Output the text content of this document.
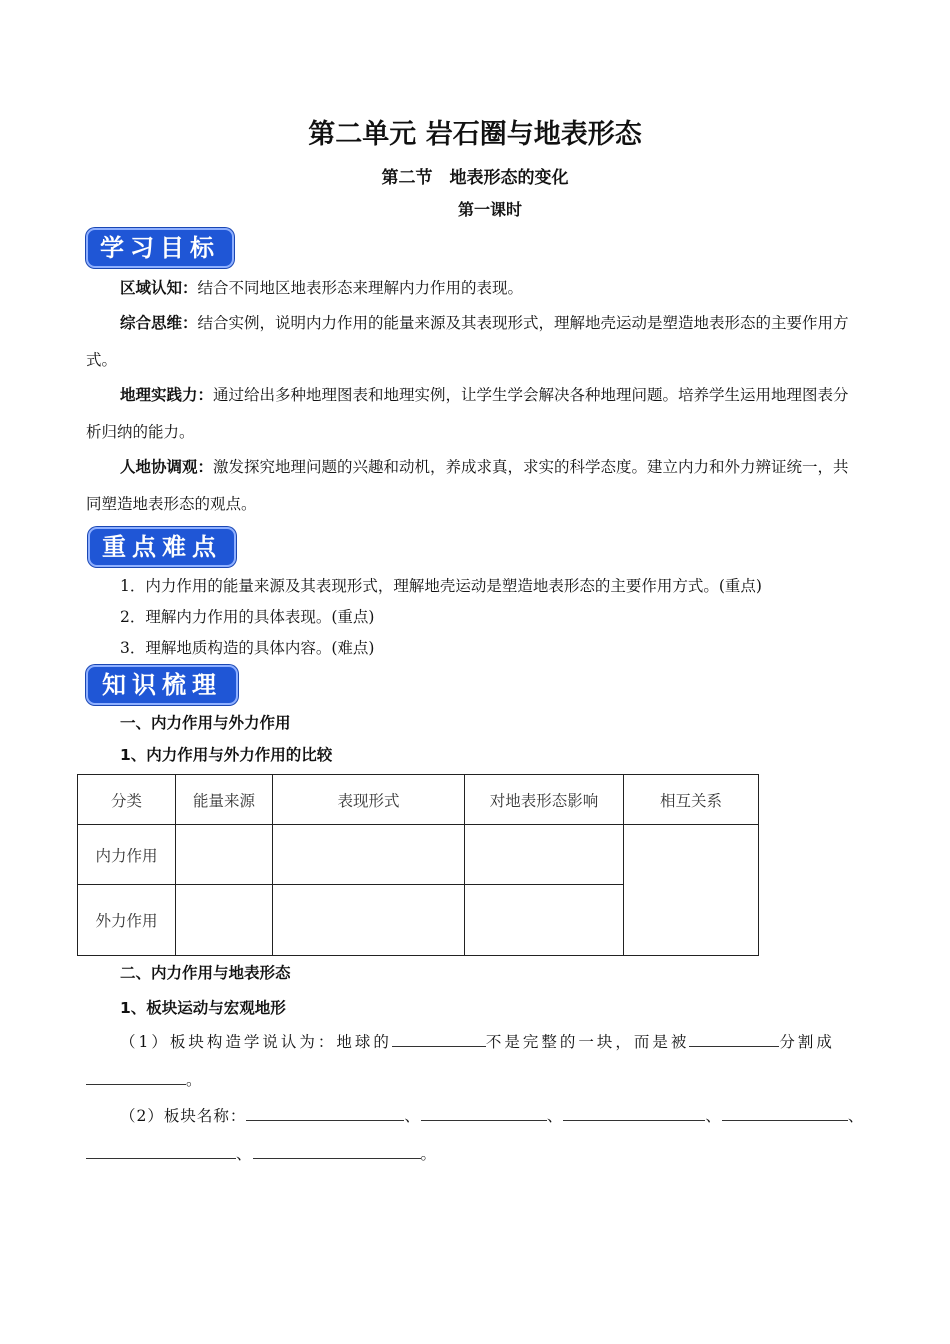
第二单元 岩石圈与地表形态
第二节　地表形态的变化
第一课时
学习目标

区域认知：结合不同地区地表形态来理解内力作用的表现。

综合思维：结合实例，说明内力作用的能量来源及其表现形式，理解地壳运动是塑造地表形态的主要作用方式。

地理实践力：通过给出多种地理图表和地理实例，让学生学会解决各种地理问题。培养学生运用地理图表分析归纳的能力。

人地协调观：激发探究地理问题的兴趣和动机，养成求真，求实的科学态度。建立内力和外力辨证统一，共同塑造地表形态的观点。

重点难点

1．内力作用的能量来源及其表现形式，理解地壳运动是塑造地表形态的主要作用方式。(重点)

2．理解内力作用的具体表现。(重点)

3．理解地质构造的具体内容。(难点)

知识梳理

一、内力作用与外力作用

1、内力作用与外力作用的比较

分类	能量来源	表现形式	对地表形态影响	相互关系
内力作用				
外力作用				

二、内力作用与地表形态

1、板块运动与宏观地形

（1）板块构造学说认为：地球的	不是完整的一块，而是被	分割成

。

（2）板块名称：	、	、	、	、

、	。
